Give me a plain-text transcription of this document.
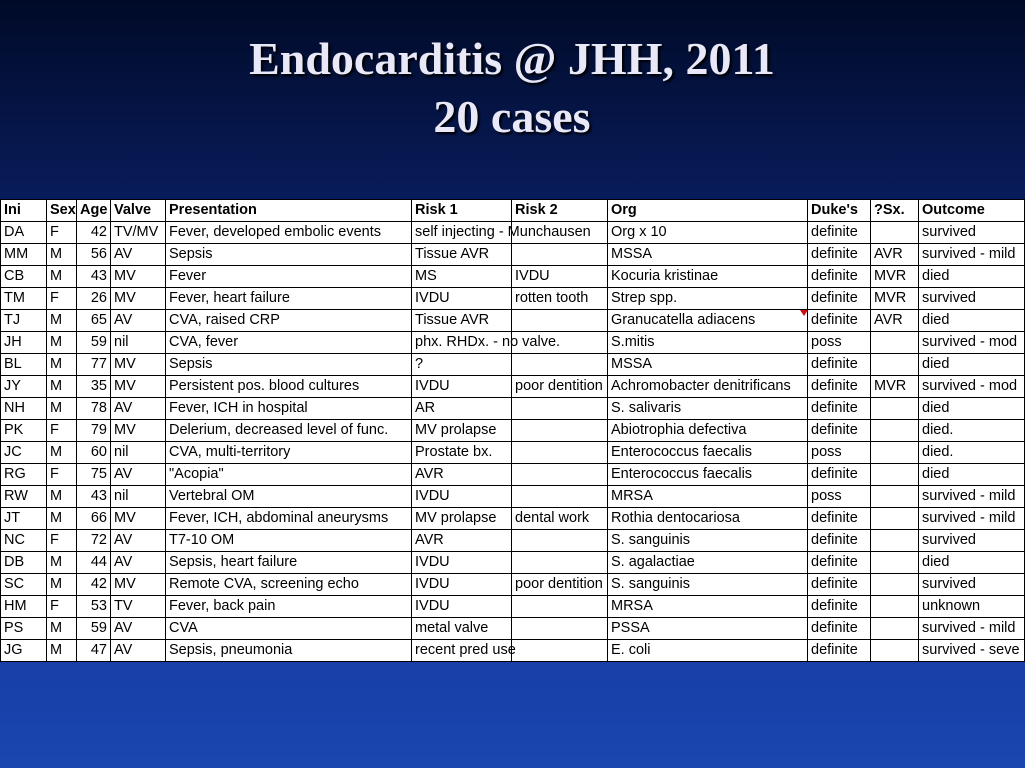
Endocarditis @ JHH, 2011
20 cases
Ini	Sex	Age	Valve	Presentation	Risk 1	Risk 2	Org	Duke's	?Sx.	Outcome
DA	F	42	TV/MV	Fever, developed embolic events	self injecting - Munchausen		Org x 10	definite		survived
MM	M	56	AV	Sepsis	Tissue AVR		MSSA	definite	AVR	survived - mild
CB	M	43	MV	Fever	MS	IVDU	Kocuria kristinae	definite	MVR	died
TM	F	26	MV	Fever, heart failure	IVDU	rotten tooth	Strep spp.	definite	MVR	survived
TJ	M	65	AV	CVA, raised CRP	Tissue AVR		Granucatella adiacens	definite	AVR	died
JH	M	59	nil	CVA, fever	phx. RHDx. - no valve.		S.mitis	poss		survived - mod
BL	M	77	MV	Sepsis	?		MSSA	definite		died
JY	M	35	MV	Persistent pos. blood cultures	IVDU	poor dentition	Achromobacter denitrificans	definite	MVR	survived - mod
NH	M	78	AV	Fever, ICH in hospital	AR		S. salivaris	definite		died
PK	F	79	MV	Delerium, decreased level of func.	MV prolapse		Abiotrophia defectiva	definite		died.
JC	M	60	nil	CVA, multi-territory	Prostate bx.		Enterococcus faecalis	poss		died.
RG	F	75	AV	"Acopia"	AVR		Enterococcus faecalis	definite		died
RW	M	43	nil	Vertebral OM	IVDU		MRSA	poss		survived - mild
JT	M	66	MV	Fever, ICH, abdominal aneurysms	MV prolapse	dental work	Rothia dentocariosa	definite		survived - mild
NC	F	72	AV	T7-10 OM	AVR		S. sanguinis	definite		survived
DB	M	44	AV	Sepsis, heart failure	IVDU		S. agalactiae	definite		died
SC	M	42	MV	Remote CVA, screening echo	IVDU	poor dentition	S. sanguinis	definite		survived
HM	F	53	TV	Fever, back pain	IVDU		MRSA	definite		unknown
PS	M	59	AV	CVA	metal valve		PSSA	definite		survived - mild
JG	M	47	AV	Sepsis, pneumonia	recent pred use		E. coli	definite		survived - seve
